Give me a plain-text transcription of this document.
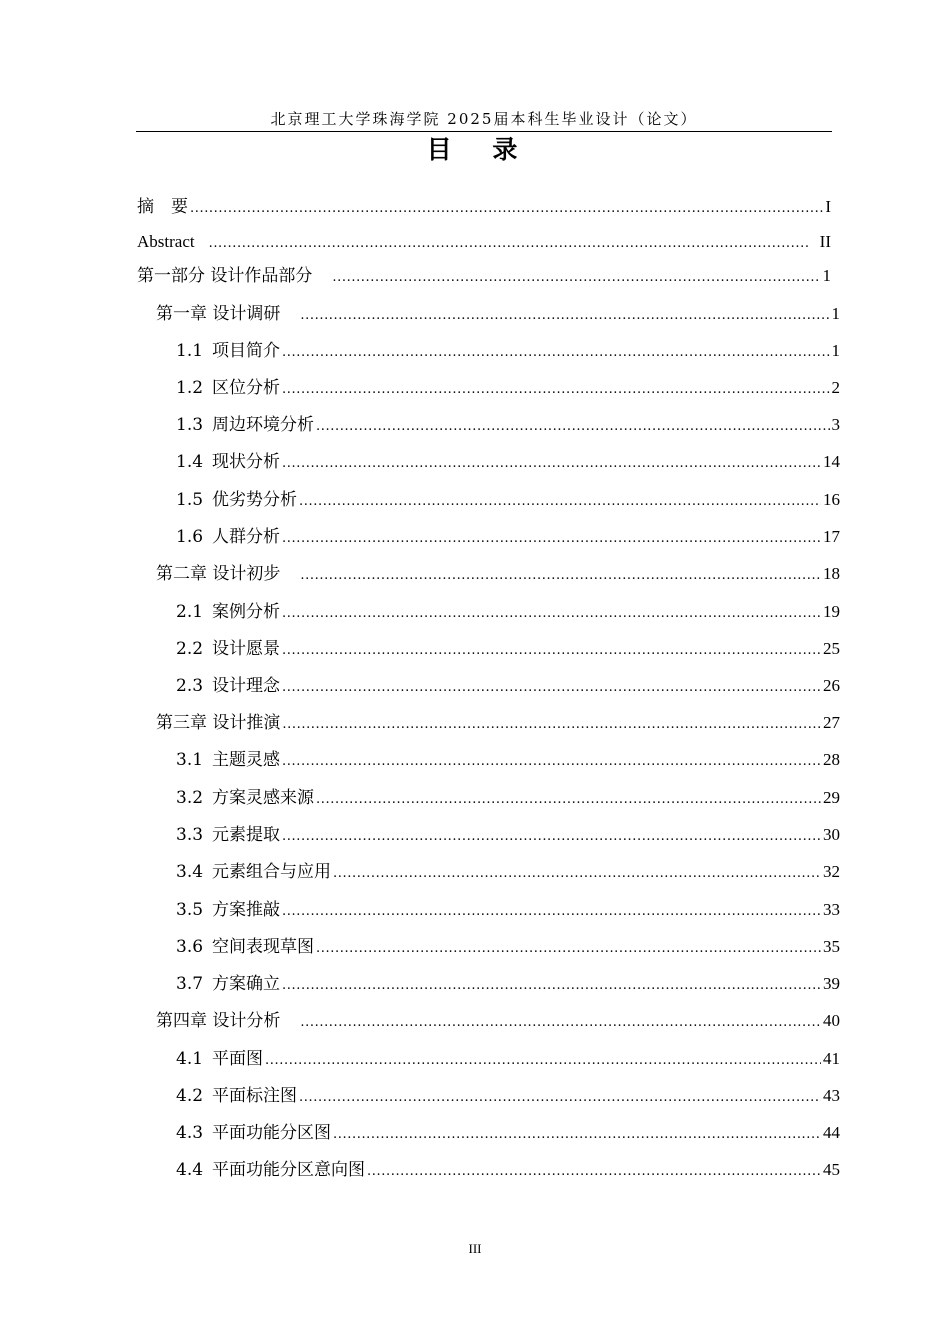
北京理工大学珠海学院 2025届本科生毕业设计（论文）
目 录
摘　要 .....	I
Abstract .....	II
第一部分 设计作品部分 .....	1
第一章 设计调研 .....	1
1.1 项目简介 .....	1
1.2 区位分析 .....	2
1.3 周边环境分析 .....	3
1.4 现状分析 .....	14
1.5 优劣势分析 .....	16
1.6 人群分析 .....	17
第二章 设计初步 .....	18
2.1 案例分析 .....	19
2.2 设计愿景 .....	25
2.3 设计理念 .....	26
第三章 设计推演 .....	27
3.1 主题灵感 .....	28
3.2 方案灵感来源 .....	29
3.3 元素提取 .....	30
3.4 元素组合与应用 .....	32
3.5 方案推敲 .....	33
3.6 空间表现草图 .....	35
3.7 方案确立 .....	39
第四章 设计分析 .....	40
4.1 平面图 .....	41
4.2 平面标注图 .....	43
4.3 平面功能分区图 .....	44
4.4 平面功能分区意向图 .....	45
III
